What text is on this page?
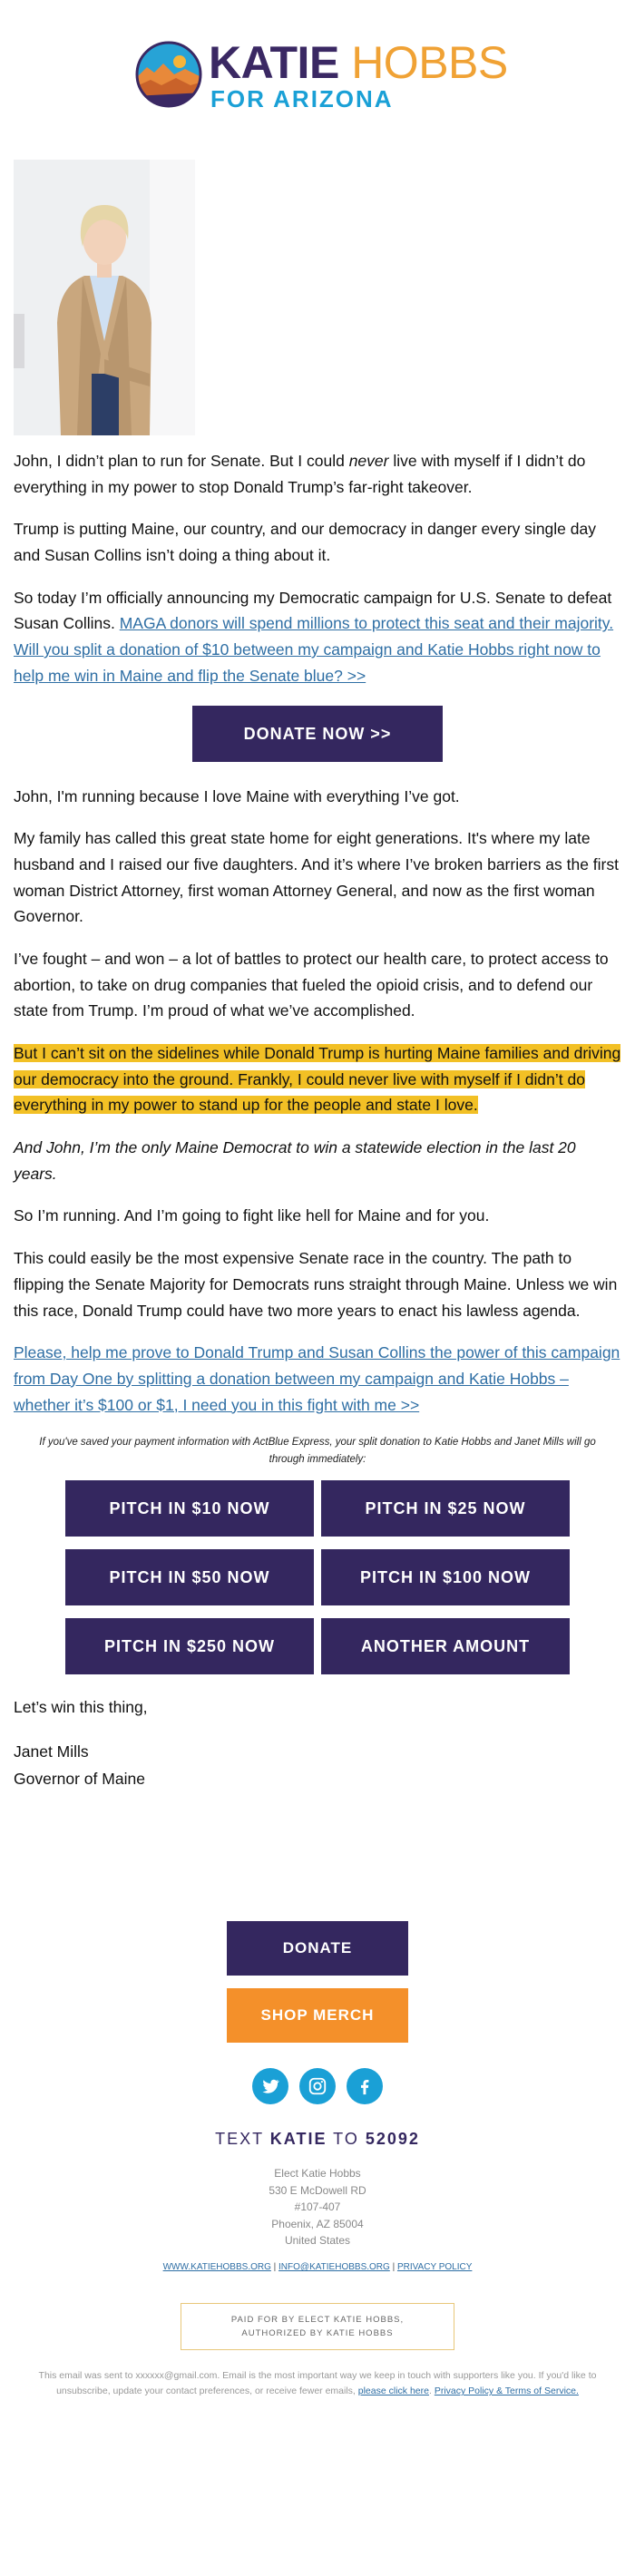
KATIE HOBBS
FOR ARIZONA

John, I didn’t plan to run for Senate. But I could never live with myself if I didn’t do everything in my power to stop Donald Trump’s far-right takeover.

Trump is putting Maine, our country, and our democracy in danger every single day and Susan Collins isn’t doing a thing about it.

So today I’m officially announcing my Democratic campaign for U.S. Senate to defeat Susan Collins. MAGA donors will spend millions to protect this seat and their majority. Will you split a donation of $10 between my campaign and Katie Hobbs right now to help me win in Maine and flip the Senate blue? >>

DONATE NOW >>

John, I'm running because I love Maine with everything I’ve got.

My family has called this great state home for eight generations. It's where my late husband and I raised our five daughters. And it’s where I’ve broken barriers as the first woman District Attorney, first woman Attorney General, and now as the first woman Governor.

I’ve fought – and won – a lot of battles to protect our health care, to protect access to abortion, to take on drug companies that fueled the opioid crisis, and to defend our state from Trump. I’m proud of what we’ve accomplished.

But I can’t sit on the sidelines while Donald Trump is hurting Maine families and driving our democracy into the ground. Frankly, I could never live with myself if I didn’t do everything in my power to stand up for the people and state I love.

And John, I’m the only Maine Democrat to win a statewide election in the last 20 years.

So I’m running. And I’m going to fight like hell for Maine and for you.

This could easily be the most expensive Senate race in the country. The path to flipping the Senate Majority for Democrats runs straight through Maine. Unless we win this race, Donald Trump could have two more years to enact his lawless agenda.

Please, help me prove to Donald Trump and Susan Collins the power of this campaign from Day One by splitting a donation between my campaign and Katie Hobbs – whether it’s $100 or $1, I need you in this fight with me >>

If you've saved your payment information with ActBlue Express, your split donation to Katie Hobbs and Janet Mills will go through immediately:
PITCH IN $10 NOW	PITCH IN $25 NOW
PITCH IN $50 NOW	PITCH IN $100 NOW
PITCH IN $250 NOW	ANOTHER AMOUNT

Let’s win this thing,

Janet Mills

Governor of Maine

DONATE
SHOP MERCH
TEXT KATIE TO 52092
Elect Katie Hobbs
530 E McDowell RD
#107-407
Phoenix, AZ 85004
United States
WWW.KATIEHOBBS.ORG | INFO@KATIEHOBBS.ORG | PRIVACY POLICY
PAID FOR BY ELECT KATIE HOBBS,
AUTHORIZED BY KATIE HOBBS
This email was sent to xxxxxx@gmail.com. Email is the most important way we keep in touch with supporters like you. If you'd like to unsubscribe, update your contact preferences, or receive fewer emails, please click here. Privacy Policy & Terms of Service.
